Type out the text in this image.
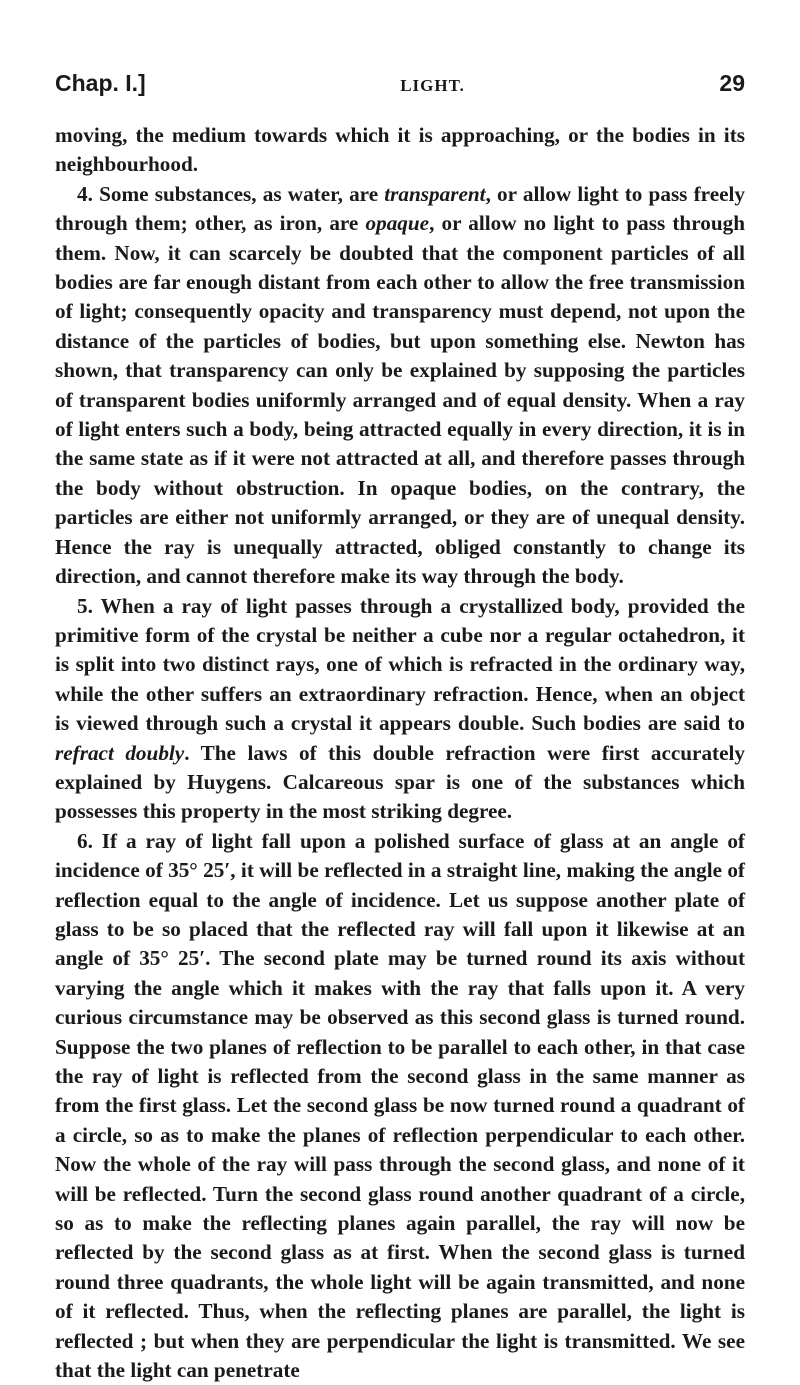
Chap. I.]	LIGHT.	29

moving, the medium towards which it is approaching, or the bodies in its neighbourhood.

4. Some substances, as water, are transparent, or allow light to pass freely through them; other, as iron, are opaque, or allow no light to pass through them. Now, it can scarcely be doubted that the component particles of all bodies are far enough distant from each other to allow the free transmission of light; consequently opacity and transparency must depend, not upon the distance of the particles of bodies, but upon something else. Newton has shown, that transparency can only be explained by supposing the particles of transparent bodies uniformly arranged and of equal density. When a ray of light enters such a body, being attracted equally in every direction, it is in the same state as if it were not attracted at all, and therefore passes through the body without obstruction. In opaque bodies, on the contrary, the particles are either not uniformly arranged, or they are of unequal density. Hence the ray is unequally attracted, obliged constantly to change its direction, and cannot therefore make its way through the body.

5. When a ray of light passes through a crystallized body, provided the primitive form of the crystal be neither a cube nor a regular octahedron, it is split into two distinct rays, one of which is refracted in the ordinary way, while the other suffers an extraordinary refraction. Hence, when an object is viewed through such a crystal it appears double. Such bodies are said to refract doubly. The laws of this double refraction were first accurately explained by Huygens. Calcareous spar is one of the substances which possesses this property in the most striking degree.

6. If a ray of light fall upon a polished surface of glass at an angle of incidence of 35° 25′, it will be reflected in a straight line, making the angle of reflection equal to the angle of incidence. Let us suppose another plate of glass to be so placed that the reflected ray will fall upon it likewise at an angle of 35° 25′. The second plate may be turned round its axis without varying the angle which it makes with the ray that falls upon it. A very curious circumstance may be observed as this second glass is turned round. Suppose the two planes of reflection to be parallel to each other, in that case the ray of light is reflected from the second glass in the same manner as from the first glass. Let the second glass be now turned round a quadrant of a circle, so as to make the planes of reflection perpendicular to each other. Now the whole of the ray will pass through the second glass, and none of it will be reflected. Turn the second glass round another quadrant of a circle, so as to make the reflecting planes again parallel, the ray will now be reflected by the second glass as at first. When the second glass is turned round three quadrants, the whole light will be again transmitted, and none of it reflected. Thus, when the reflecting planes are parallel, the light is reflected ; but when they are perpendicular the light is transmitted. We see that the light can penetrate
